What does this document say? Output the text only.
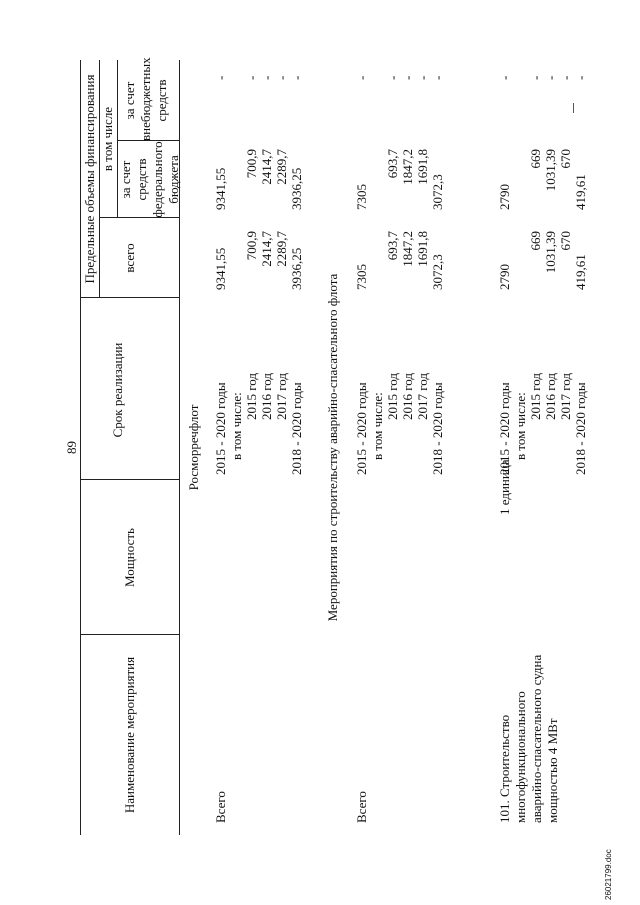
89
Наименование мероприятия
Мощность
Срок реализации
Предельные объемы финансирования всего
в том числе
за счет средств федерального бюджета
за счет внебюджетных средств
Росморречфлот	Мероприятия по строительству аварийно-спасательного флота
Всего
2015 - 2020 годы
9341,55
9341,55
-
в том числе: 2015 год
700,9
700,9
-
2016 год
2414,7
2414,7
-
2017 год
2289,7
2289,7
-
2018 - 2020 годы
3936,25
3936,25
-
Всего
2015 - 2020 годы
7305
7305
-
в том числе: 2015 год
693,7
693,7
-
2016 год
1847,2
1847,2
-
2017 год
1691,8
1691,8
-
2018 - 2020 годы
3072,3
3072,3
-
101. Строительство многофункционального аварийно-спасательного судна мощностью 4 МВт
1 единица
2015 - 2020 годы
2790
2790
-
в том числе: 2015 год
669
669
-
2016 год
1031,39
1031,39
-
2017 год
670
670
-
2018 - 2020 годы
419,61
419,61
-
26021799.doc
